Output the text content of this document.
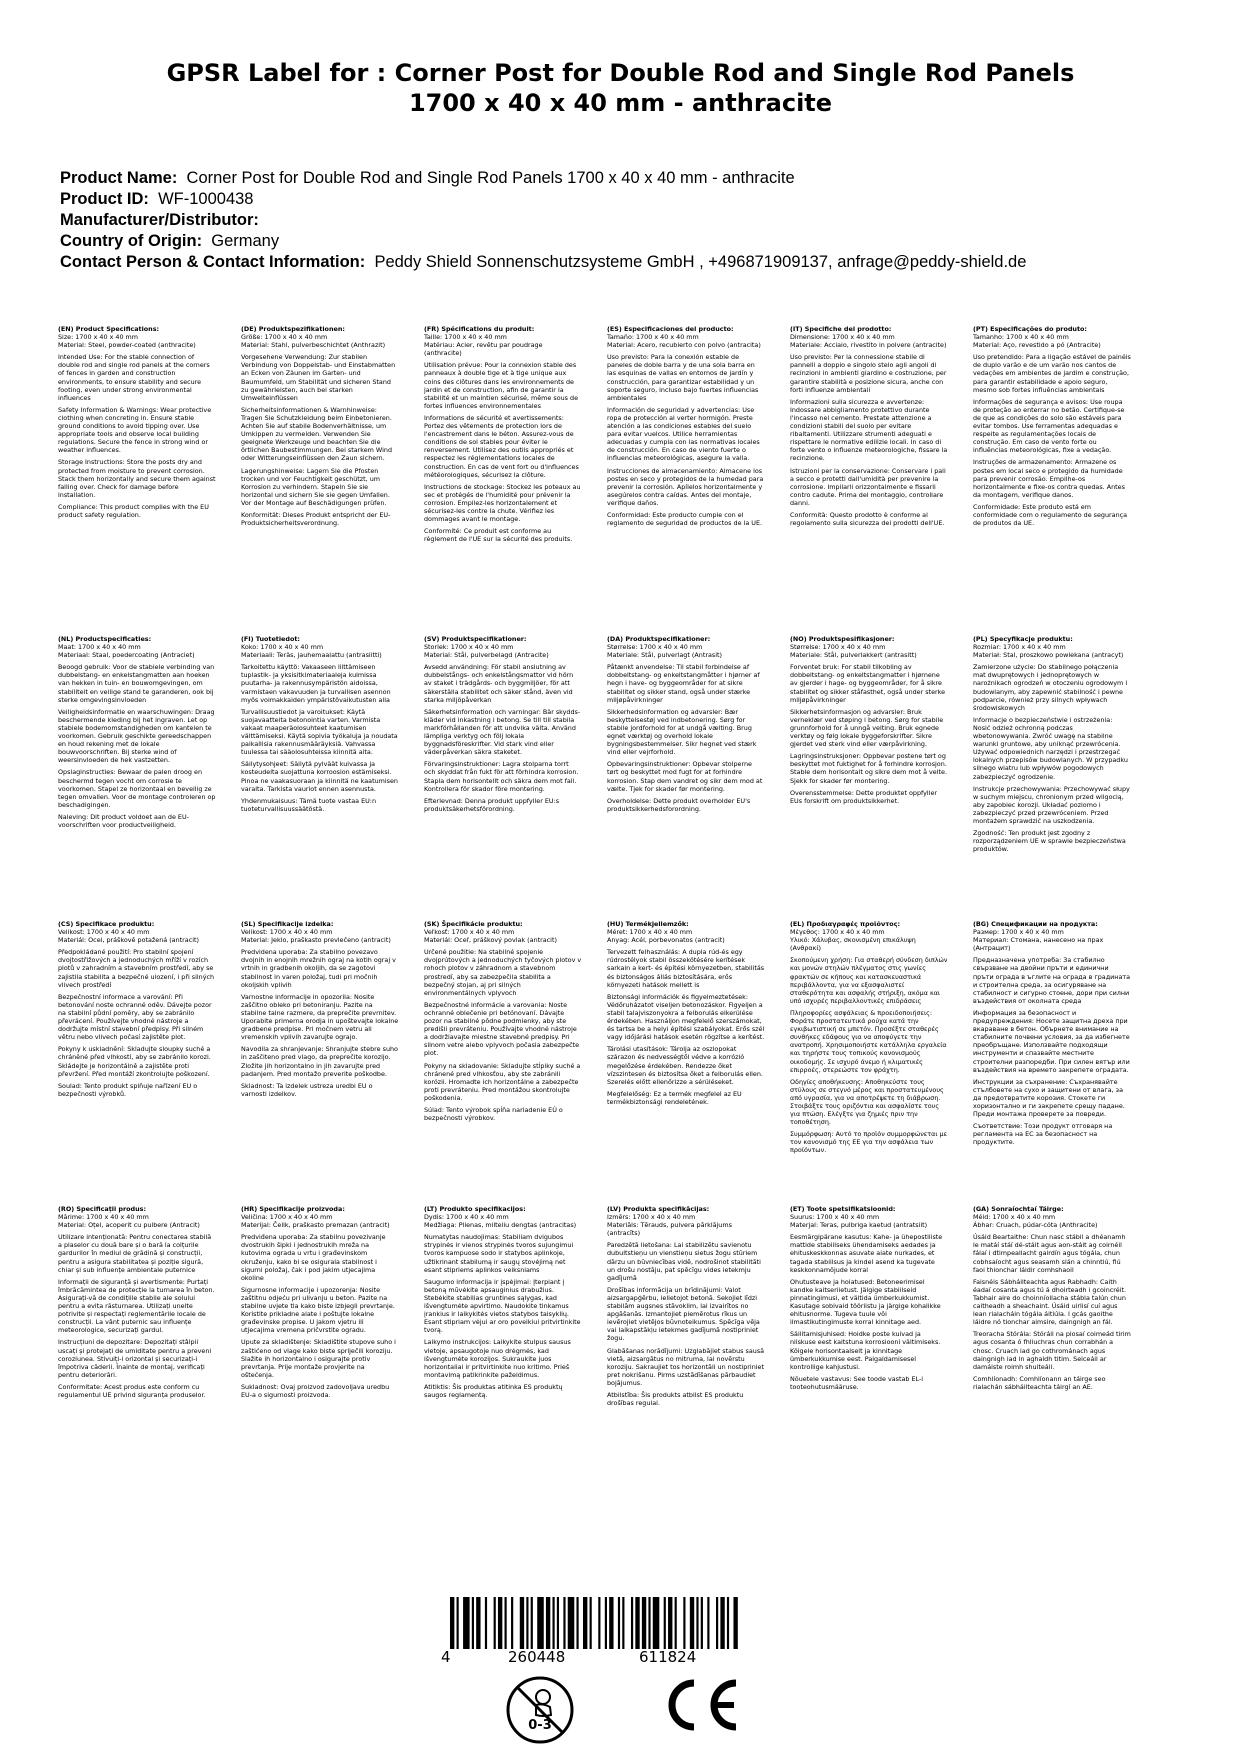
GPSR Label for : Corner Post for Double Rod and Single Rod Panels
1700 x 40 x 40 mm - anthracite
Product Name: Corner Post for Double Rod and Single Rod Panels 1700 x 40 x 40 mm - anthracite
Product ID: WF-1000438
Manufacturer/Distributor:
Country of Origin: Germany
Contact Person & Contact Information: Peddy Shield Sonnenschutzsysteme GmbH , +496871909137, anfrage@peddy-shield.de

(EN) Product Specifications:

Size: 1700 x 40 x 40 mm

Material: Steel, powder-coated (anthracite)

Intended Use: For the stable connection of double rod and single rod panels at the corners of fences in garden and construction environments, to ensure stability and secure footing, even under strong environmental influences

Safety Information & Warnings: Wear protective clothing when concreting in. Ensure stable ground conditions to avoid tipping over. Use appropriate tools and observe local building regulations. Secure the fence in strong wind or weather influences.

Storage Instructions: Store the posts dry and protected from moisture to prevent corrosion. Stack them horizontally and secure them against falling over. Check for damage before installation.

Compliance: This product complies with the EU product safety regulation.

(DE) Produktspezifikationen:

Größe: 1700 x 40 x 40 mm

Material: Stahl, pulverbeschichtet (Anthrazit)

Vorgesehene Verwendung: Zur stabilen Verbindung von Doppelstab- und Einstabmatten an Ecken von Zäunen im Garten- und Baumumfeld, um Stabilität und sicheren Stand zu gewährleisten, auch bei starken Umwelteinflüssen

Sicherheitsinformationen & Warnhinweise: Tragen Sie Schutzkleidung beim Einbetonieren. Achten Sie auf stabile Bodenverhältnisse, um Umkippen zu vermeiden. Verwenden Sie geeignete Werkzeuge und beachten Sie die örtlichen Baubestimmungen. Bei starkem Wind oder Witterungseinflüssen den Zaun sichern.

Lagerungshinweise: Lagern Sie die Pfosten trocken und vor Feuchtigkeit geschützt, um Korrosion zu verhindern. Stapeln Sie sie horizontal und sichern Sie sie gegen Umfallen. Vor der Montage auf Beschädigungen prüfen.

Konformität: Dieses Produkt entspricht der EU-Produktsicherheitsverordnung.

(FR) Spécifications du produit:

Taille: 1700 x 40 x 40 mm

Matériau: Acier, revêtu par poudrage (anthracite)

Utilisation prévue: Pour la connexion stable des panneaux à double tige et à tige unique aux coins des clôtures dans les environnements de jardin et de construction, afin de garantir la stabilité et un maintien sécurisé, même sous de fortes influences environnementales

Informations de sécurité et avertissements: Portez des vêtements de protection lors de l'encastrement dans le béton. Assurez-vous de conditions de sol stables pour éviter le renversement. Utilisez des outils appropriés et respectez les réglementations locales de construction. En cas de vent fort ou d'influences météorologiques, sécurisez la clôture.

Instructions de stockage: Stockez les poteaux au sec et protégés de l'humidité pour prévenir la corrosion. Empilez-les horizontalement et sécurisez-les contre la chute. Vérifiez les dommages avant le montage.

Conformité: Ce produit est conforme au règlement de l'UE sur la sécurité des produits.

(ES) Especificaciones del producto:

Tamaño: 1700 x 40 x 40 mm

Material: Acero, recubierto con polvo (antracita)

Uso previsto: Para la conexión estable de paneles de doble barra y de una sola barra en las esquinas de vallas en entornos de jardín y construcción, para garantizar estabilidad y un soporte seguro, incluso bajo fuertes influencias ambientales

Información de seguridad y advertencias: Use ropa de protección al verter hormigón. Preste atención a las condiciones estables del suelo para evitar vuelcos. Utilice herramientas adecuadas y cumpla con las normativas locales de construcción. En caso de viento fuerte o influencias meteorológicas, asegure la valla.

Instrucciones de almacenamiento: Almacene los postes en seco y protegidos de la humedad para prevenir la corrosión. Apílelos horizontalmente y asegúrelos contra caídas. Antes del montaje, verifique daños.

Conformidad: Este producto cumple con el reglamento de seguridad de productos de la UE.

(IT) Specifiche del prodotto:

Dimensione: 1700 x 40 x 40 mm

Materiale: Acciaio, rivestito in polvere (antracite)

Uso previsto: Per la connessione stabile di pannelli a doppio e singolo stelo agli angoli di recinzioni in ambienti giardino e costruzione, per garantire stabilità e posizione sicura, anche con forti influenze ambientali

Informazioni sulla sicurezza e avvertenze: Indossare abbigliamento protettivo durante l'incasso nel cemento. Prestate attenzione a condizioni stabili del suolo per evitare ribaltamenti. Utilizzare strumenti adeguati e rispettare le normative edilizie locali. In caso di forte vento o influenze meteorologiche, fissare la recinzione.

Istruzioni per la conservazione: Conservare i pali a secco e protetti dall'umidità per prevenire la corrosione. Impilarli orizzontalmente e fissarli contro cadute. Prima del montaggio, controllare danni.

Conformità: Questo prodotto è conforme al regolamento sulla sicurezza dei prodotti dell'UE.

(PT) Especificações do produto:

Tamanho: 1700 x 40 x 40 mm

Material: Aço, revestido a pó (Antracite)

Uso pretendido: Para a ligação estável de painéis de duplo varão e de um varão nos cantos de vedações em ambientes de jardim e construção, para garantir estabilidade e apoio seguro, mesmo sob fortes influências ambientais

Informações de segurança e avisos: Use roupa de proteção ao enterrar no betão. Certifique-se de que as condições do solo são estáveis para evitar tombos. Use ferramentas adequadas e respeite as regulamentações locais de construção. Em caso de vento forte ou influências meteorológicas, fixe a vedação.

Instruções de armazenamento: Armazene os postes em local seco e protegido da humidade para prevenir corrosão. Empilhe-os horizontalmente e fixe-os contra quedas. Antes da montagem, verifique danos.

Conformidade: Este produto está em conformidade com o regulamento de segurança de produtos da UE.

(NL) Productspecificaties:

Maat: 1700 x 40 x 40 mm

Materiaal: Staal, poedercoating (Antraciet)

Beoogd gebruik: Voor de stabiele verbinding van dubbelstang- en enkelstangmatten aan hoeken van hekken in tuin- en bouwomgevingen, om stabiliteit en veilige stand te garanderen, ook bij sterke omgevingsinvloeden

Veiligheidsinformatie en waarschuwingen: Draag beschermende kleding bij het ingraven. Let op stabiele bodemomstandigheden om kantelen te voorkomen. Gebruik geschikte gereedschappen en houd rekening met de lokale bouwvoorschriften. Bij sterke wind of weersinvloeden de hek vastzetten.

Opslaginstructies: Bewaar de palen droog en beschermd tegen vocht om corrosie te voorkomen. Stapel ze horizontaal en beveilig ze tegen omvallen. Voor de montage controleren op beschadigingen.

Naleving: Dit product voldoet aan de EU-voorschriften voor productveiligheid.

(FI) Tuotetiedot:

Koko: 1700 x 40 x 40 mm

Materiaali: Teräs, jauhemaalattu (antrasiitti)

Tarkoitettu käyttö: Vakaaseen liittämiseen tuplastik- ja yksisitkimateriaaleja kulmissa puutarha- ja rakennusympäristön aidoissa, varmistaen vakavuuden ja turvallisen asennon myös voimakkaiden ympäristövaikutusten alla

Turvallisuustiedot ja varoitukset: Käytä suojavaatteita betonointia varten. Varmista vakaat maaperäolosuhteet kaatumisen välttämiseksi. Käytä sopivia työkaluja ja noudata paikallisia rakennusmääräyksiä. Vahvassa tuulessa tai sääolosuhteissa kiinnitä aita.

Säilytysohjeet: Säilytä pylväät kuivassa ja kosteudelta suojattuna korroosion estämiseksi. Pinoa ne vaakasuoraan ja kiinnitä ne kaatumisen varalta. Tarkista vauriot ennen asennusta.

Yhdenmukaisuus: Tämä tuote vastaa EU:n tuoteturvallisuussäätöstä.

(SV) Produktspecifikationer:

Storlek: 1700 x 40 x 40 mm

Material: Stål, pulverbelagd (Antracite)

Avsedd användning: För stabil anslutning av dubbelstångs- och enkelstångsmattor vid hörn av staket i trädgårds- och byggmiljöer, för att säkerställa stabilitet och säker stånd, även vid starka miljöpåverkan

Säkerhetsinformation och varningar: Bär skydds-kläder vid inkastning i betong. Se till till stabila markförhållanden för att undvika välta. Använd lämpliga verktyg och följ lokala byggnadsföreskrifter. Vid stark vind eller väderpåverkan säkra staketet.

Förvaringsinstruktioner: Lagra stolparna torrt och skyddat från fukt för att förhindra korrosion. Stapla dem horisontellt och säkra dem mot fall. Kontrollera för skador före montering.

Efterlevnad: Denna produkt uppfyller EU:s produktsäkerhetsförordning.

(DA) Produktspecifikationer:

Størrelse: 1700 x 40 x 40 mm

Materiale: Stål, pulverlagt (Antrasit)

Påtænkt anvendelse: Til stabil forbindelse af dobbeltstang- og enkeltstangmåtter i hjørner af hegn i have- og byggeområder for at sikre stabilitet og sikker stand, også under stærke miljøpåvirkninger

Sikkerhedsinformation og advarsler: Bær beskyttelsestøj ved indbetonering. Sørg for stabile jordforhold for at undgå vælting. Brug egnet værktøj og overhold lokale bygningsbestemmelser. Sikr hegnet ved stærk vind eller vejrforhold.

Opbevaringsinstruktioner: Opbevar stolperne tørt og beskyttet mod fugt for at forhindre korrosion. Stap dem vandret og sikr dem mod at vælte. Tjek for skader før montering.

Overholdelse: Dette produkt overholder EU's produktsikkerhedsforordning.

(NO) Produktspesifikasjoner:

Størrelse: 1700 x 40 x 40 mm

Materiale: Stål, pulverlakkert (antrasitt)

Forventet bruk: For stabil tilkobling av dobbeltstang- og enkeltstangmatter i hjørnene av gjerder i hage- og byggeområder, for å sikre stabilitet og sikker ståfasthet, også under sterke miljøpåvirkninger

Sikkerhetsinformasjon og advarsler: Bruk verneklær ved støping i betong. Sørg for stabile grunnforhold for å unngå velting. Bruk egnede verktøy og følg lokale byggeforskrifter. Sikre gjerdet ved sterk vind eller værpåvirkning.

Lagringsinstruksjoner: Oppbevar postene tørt og beskyttet mot fuktighet for å forhindre korrosjon. Stable dem horisontalt og sikre dem mot å velte. Sjekk for skader før montering.

Overensstemmelse: Dette produktet oppfyller EUs forskrift om produktsikkerhet.

(PL) Specyfikacje produktu:

Rozmiar: 1700 x 40 x 40 mm

Materiał: Stal, proszkowo powlekana (antracyt)

Zamierzone użycie: Do stabilnego połączenia mat dwuprętowych i jednoprętowych w narożnikach ogrodzeń w otoczeniu ogrodowym i budowlanym, aby zapewnić stabilność i pewne podparcie, również przy silnych wpływach środowiskowych

Informacje o bezpieczeństwie i ostrzeżenia: Nosić odzież ochronną podczas wbetonowywania. Zwróć uwagę na stabilne warunki gruntowe, aby uniknąć przewrócenia. Używać odpowiednich narzędzi i przestrzegać lokalnych przepisów budowlanych. W przypadku silnego wiatru lub wpływów pogodowych zabezpieczyć ogrodzenie.

Instrukcje przechowywania: Przechowywać słupy w suchym miejscu, chronionym przed wilgocią, aby zapobiec korozji. Układać poziomo i zabezpieczyć przed przewróceniem. Przed montażem sprawdzić na uszkodzenia.

Zgodność: Ten produkt jest zgodny z rozporządzeniem UE w sprawie bezpieczeństwa produktów.

(CS) Specifikace produktu:

Velikost: 1700 x 40 x 40 mm

Materiál: Ocel, práškově potažená (antracit)

Předpokládané použití: Pro stabilní spojení dvojtostřižových a jednoduchých mříží v rozích plotů v zahradním a stavebním prostředí, aby se zajistila stabilita a bezpečné ulození, i při silných vlivech prostředí

Bezpečnostní informace a varování: Při betonování noste ochranné oděv. Dávejte pozor na stabilní půdní poměry, aby se zabránilo převrácení. Používejte vhodné nástroje a dodržujte místní stavební předpisy. Při silném větru nebo vlivech počasí zajistěte plot.

Pokyny k uskladnění: Skladujte sloupky suché a chráněné před vlhkostí, aby se zabránilo korozi. Skládejte je horizontálně a zajistěte proti převržení. Před montáží zkontrolujte poškození.

Soulad: Tento produkt splňuje nařízení EU o bezpečnosti výrobků.

(SL) Specifikacije izdelka:

Velikost: 1700 x 40 x 40 mm

Material: Jeklo, praškasto prevlečeno (antracit)

Predvidena uporaba: Za stabilno povezavo dvojnih in enojnih mrežnih ograj na kotih ograj v vrtnih in gradbenih okoljih, da se zagotovi stabilnost in varen položaj, tudi pri močnih okoljskih vplivih

Varnostne informacije in opozorila: Nosite zaščitno obleko pri betoniranju. Pazite na stabilne talne razmere, da preprečite prevrnitev. Uporabite primerna orodja in upoštevajte lokalne gradbene predpise. Pri močnem vetru ali vremenskih vplivih zavarujte ograjo.

Navodila za shranjevanje: Shranjujte stebre suho in zaščiteno pred vlago, da preprečite korozijo. Zložite jih horizontalno in jih zavarujte pred padanjem. Pred montažo preverite poškodbe.

Skladnost: Ta izdelek ustreza uredbi EU o varnosti izdelkov.

(SK) Špecifikácie produktu:

Veľkosť: 1700 x 40 x 40 mm

Materiál: Oceľ, práškový povlak (antracit)

Určené použitie: Na stabilné spojenie dvojprútových a jednoduchých tyčových plotov v rohoch plotov v záhradnom a stavebnom prostredí, aby sa zabezpečila stabilita a bezpečný stojan, aj pri silných environmentálnych vplyvoch

Bezpečnostné informácie a varovania: Noste ochranné oblečenie pri betónovaní. Dávajte pozor na stabilné pôdne podmienky, aby ste predišli prevráteniu. Používajte vhodné nástroje a dodržiavajte miestne stavebné predpisy. Pri silnom vetre alebo vplyvoch počasia zabezpečte plot.

Pokyny na skladovanie: Skladujte stĺpiky suché a chránené pred vlhkosťou, aby ste zabránili korózii. Hromadte ich horizontálne a zabezpečte proti prevráteniu. Pred montážou skontrolujte poškodenia.

Súlad: Tento výrobok spĺňa nariadenie EÚ o bezpečnosti výrobkov.

(HU) Termékjellemzők:

Méret: 1700 x 40 x 40 mm

Anyag: Acél, porbevonatos (antracit)

Tervezett felhasználás: A dupla rúd-és egy rúdrostélyok stabil összekötésére kerítések sarkain a kert- és építési környezetben, stabilitás és biztonságos állás biztosítására, erős környezeti hatások mellett is

Biztonsági információk és figyelmeztetések: Védőruházatot viseljen betonozáskor. Figyeljen a stabil talajviszonyokra a felborulás elkerülése érdekében. Használjon megfelelő szerszámokat, és tartsa be a helyi építési szabályokat. Erős szél vagy időjárási hatások esetén rögzítse a kerítést.

Tárolási utasítások: Tárolja az oszlopokat szárazon és nedvességtől védve a korrózió megelőzése érdekében. Rendezze őket vízszintesen és biztosítsa őket a felborulás ellen. Szerelés előtt ellenőrizze a sérüléseket.

Megfelelőség: Ez a termék megfelel az EU termékbiztonsági rendeletének.

(EL) Προδιαγραφές προϊόντος:

Μέγεθος: 1700 x 40 x 40 mm

Υλικό: Χάλυβας, σκονισμένη επικάλυψη (Ανθρακί)

Σκοπούμενη χρήση: Για σταθερή σύνδεση διπλών και μονών στηλών πλέγματος στις γωνίες φρακτών σε κήπους και κατασκευαστικά περιβάλλοντα, για να εξασφαλιστεί σταθερότητα και ασφαλής στήριξη, ακόμα και υπό ισχυρές περιβαλλοντικές επιδράσεις

Πληροφορίες ασφάλειας & προειδοποιήσεις: Φοράτε προστατευτικά ρούχα κατά την εγκιβωτιστική σε μπετόν. Προσέξτε σταθερές συνθήκες εδάφους για να αποφύγετε την ανατροπή. Χρησιμοποιήστε κατάλληλα εργαλεία και τηρήστε τους τοπικούς κανονισμούς οικοδομής. Σε ισχυρό άνεμο ή κλιματικές επιρροές, στερεώστε τον φράχτη.

Οδηγίες αποθήκευσης: Αποθηκεύστε τους στύλους σε στεγνό μέρος και προστατευμένους από υγρασία, για να αποτρέψετε τη διάβρωση. Στοιβάξτε τους οριζόντια και ασφαλίστε τους για πτώση. Ελέγξτε για ζημιές πριν την τοποθέτηση.

Συμμόρφωση: Αυτό το προϊόν συμμορφώνεται με τον κανονισμό της ΕΕ για την ασφάλεια των προϊόντων.

(BG) Спецификации на продукта:

Размер: 1700 x 40 x 40 mm

Материал: Стомана, нанесено на прах (Антрацит)

Предназначена употреба: За стабилно свързване на двойни пръти и единични пръти ограда в ъглите на ограда в градината и строителна среда, за осигуряване на стабилност и сигурно стоене, дори при силни въздействия от околната среда

Информация за безопасност и предупреждения: Носете защитна дреха при вкараване в бетон. Обърнете внимание на стабилните почвени условия, за да избегнете преобръщане. Използвайте подходящи инструменти и спазвайте местните строителни разпоредби. При силен вятър или въздействия на времето закрепете оградата.

Инструкции за съхранение: Съхранявайте стълбовете на сухо и защитени от влага, за да предотвратите корозия. Стокете ги хоризонтално и ги закрепете срещу падане. Преди монтажа проверете за повреди.

Съответствие: Този продукт отговаря на регламента на ЕС за безопасност на продуктите.

(RO) Specificații produs:

Mărime: 1700 x 40 x 40 mm

Material: Oțel, acoperit cu pulbere (Antracit)

Utilizare intenționată: Pentru conectarea stabilă a plaselor cu două bare și o bară la colțurile gardurilor în mediul de grădină și construcții, pentru a asigura stabilitatea și poziție sigură, chiar și sub influențe ambientale puternice

Informații de siguranță și avertismente: Purtați îmbrăcămintea de protecție la turnarea în beton. Asigurați-vă de condițiile stabile ale solului pentru a evita răsturnarea. Utilizați unelte potrivite și respectați reglementările locale de construcții. La vânt puternic sau influențe meteorologice, securizați gardul.

Instrucțiuni de depozitare: Depozitați stâlpii uscați și protejați de umiditate pentru a preveni coroziunea. Stivuiți-i orizontal și securizați-i împotriva căderii. Înainte de montaj, verificați pentru deteriorări.

Conformitate: Acest produs este conform cu regulamentul UE privind siguranța produselor.

(HR) Specifikacije proizvoda:

Veličina: 1700 x 40 x 40 mm

Materijal: Čelik, praškasto premazan (antracit)

Predviđena uporaba: Za stabilnu povezivanje dvostrukih šipki i jednostrukih mreža na kutovima ograda u vrtu i građevinskom okruženju, kako bi se osigurala stabilnost i sigurni položaj, čak i pod jakim utjecajima okoline

Sigurnosne informacije i upozorenja: Nosite zaštitnu odjeću pri ulivanju u beton. Pazite na stabilne uvjete tla kako biste izbjegli prevrtanje. Koristite prikladne alate i poštujte lokalne građevinske propise. U jakom vjetru ili utjecajima vremena pričvrstite ogradu.

Upute za skladištenje: Skladištite stupove suho i zaštićeno od vlage kako biste spriječili koroziju. Slažite ih horizontalno i osigurajte protiv prevrtanja. Prije montaže provjerite na oštećenja.

Sukladnost: Ovaj proizvod zadovoljava uredbu EU-a o sigurnosti proizvoda.

(LT) Produkto specifikacijos:

Dydis: 1700 x 40 x 40 mm

Medžiaga: Plienas, milteliu dengtas (antracitas)

Numatytas naudojimas: Stabiliam dvigubos strypinės ir vienos strypinės tvoros sujungimui tvoros kampuose sodo ir statybos aplinkoje, užtikrinant stabilumą ir saugų stovėjimą net esant stipriems aplinkos veiksniams

Saugumo informacija ir įspėjimai: Įterpiant į betoną mūvėkite apsauginius drabužius. Stebėkite stabilias gruntines sąlygas, kad išvengtumėte apvirtimo. Naudokite tinkamus įrankius ir laikykitės vietos statybos taisyklių. Esant stipriam vėjui ar oro poveikiui pritvirtinkite tvorą.

Laikymo instrukcijos: Laikykite stulpus sausus vietoje, apsaugotoje nuo drėgmės, kad išvengtumėte korozijos. Sukraukite juos horizontaliai ir pritvirtinkite nuo kritimo. Prieš montavimą patikrinkite pažeidimus.

Atitiktis: Šis produktas atitinka ES produktų saugos reglamentą.

(LV) Produkta specifikācijas:

Izmērs: 1700 x 40 x 40 mm

Materiāls: Tērauds, pulvera pārklājums (antracīts)

Paredzētā lietošana: Lai stabilizētu savienotu dubultstieņu un vienstieņu sietus žogu stūriem dārzu un būvniecības vidē, nodrošinot stabilitāti un drošu nostāju, pat spēcīgu vides ietekmju gadījumā

Drošības informācija un brīdinājumi: Valot aizsargapģērbu, ielietojot betonā. Sekojiet līdzi stabilām augsnes stāvoklim, lai izvairītos no apgāšanās. Izmantojiet piemērotus rīkus un ievērojiet vietējos būvnoteikumus. Spēcīga vēja vai laikapstākļu ietekmes gadījumā nostipriniet žogu.

Glabāšanas norādījumi: Uzglabājiet stabus sausā vietā, aizsargātus no mitruma, lai novērstu koroziju. Sakraujiet tos horizontāli un nostipriniet pret nokrišanu. Pirms uzstādīšanas pārbaudiet bojājumus.

Atbilstība: Šis produkts atbilst ES produktu drošības regulai.

(ET) Toote spetsifikatsioonid:

Suurus: 1700 x 40 x 40 mm

Materjal: Teras, pulbriga kaetud (antratsiit)

Eesmärgipärane kasutus: Kahe- ja ühepostiliste mattide stabiilseks ühendamiseks aedades ja ehituskeskkonnas asuvate aiate nurkades, et tagada stabiilsus ja kindel asend ka tugevate keskkonnamõjude korral

Ohutusteave ja hoiatused: Betoneerimisel kandke kaitseriietust. Jälgige stabiilseid pinnatingimusi, et vältida ümberkukkumist. Kasutage sobivaid tööriistu ja järgige kohalikke ehitusnorme. Tugeva tuule või ilmastikutingimuste korral kinnitage aed.

Säilitamisjuhised: Hoidke poste kuivad ja niiskuse eest kaitstuna korrosiooni vältimiseks. Kõigele horisontaalselt ja kinnitage ümberkukkumise eest. Paigaldamisesel kontrollige kahjustusi.

Nõuetele vastavus: See toode vastab EL-i tooteohutusmääruse.

(GA) Sonraíochtaí Táirge:

Méid: 1700 x 40 x 40 mm

Ábhar: Cruach, púdar-cóta (Anthracite)

Úsáid Beartaithe: Chun nasc stábil a dhéanamh le matáí stáí dé-stáit agus aon-stáit ag coirnéil fálaí i dtimpeallacht gairdín agus tógála, chun cobhsaíocht agus seasamh slán a chinntiú, fiú faoi thionchar láidir comhshaoil

Faisnéis Sábháilteachta agus Rabhadh: Caith éadaí cosanta agus tú á dhoirteadh i gcoincréit. Tabhair aire do choinníollacha stábla talún chun caitheadh a sheachaint. Úsáid uirlisí cuí agus lean rialacháin tógála áitiúla. I gcás gaoithe láidre nó tionchar aimsire, daingnigh an fál.

Treoracha Stórála: Stóráil na plosaí coimeád tirim agus cosanta ó fhliuchras chun corrabhán a chosc. Cruach iad go cothrománach agus daingnigh iad in aghaidh titim. Seiceáil ar damáiste roimh shuiteáil.

Comhlíonadh: Comhlíonann an táirge seo rialachán sábháilteachta táirgí an AE.

4	260448	611824
0-3
